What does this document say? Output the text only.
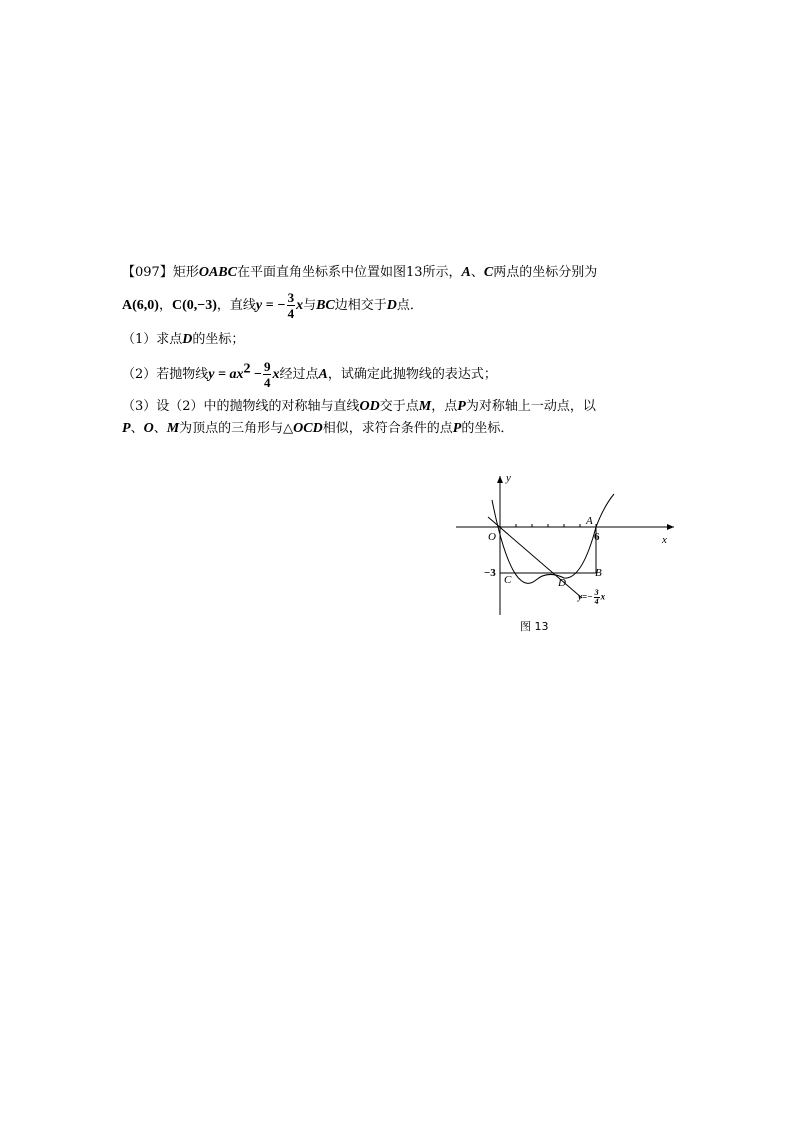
【097】矩形OABC在平面直角坐标系中位置如图13所示，A、C两点的坐标分别为
A(6,0)，C(0,−3)，直线y = − $\frac{3}{4}$ x与BC边相交于D点．
（1）求点D的坐标；
（2）若抛物线$y = ax^2 - \frac{9}{4}$ x经过点A，试确定此抛物线的表达式；
（3）设（2）中的抛物线的对称轴与直线OD交于点M，点P为对称轴上一动点，以
P、O、M为顶点的三角形与△OCD相似，求符合条件的点P的坐标．
y
x
O
A
6
−3
C	D
B
$y=- \frac{3}{4}$ x
图 13
